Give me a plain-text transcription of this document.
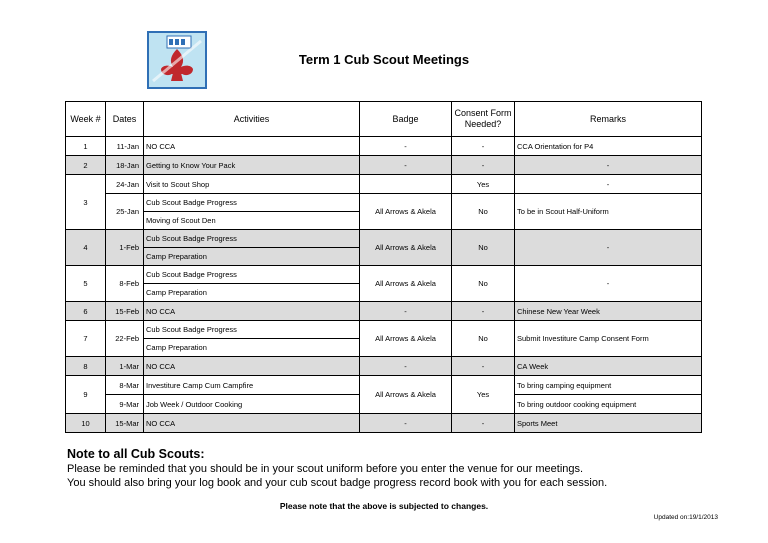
Term 1 Cub Scout Meetings
Week #	Dates	Activities	Badge	Consent Form Needed?	Remarks
1	11-Jan	NO CCA	-	-	CCA Orientation for P4
2	18-Jan	Getting to Know Your Pack	-	-	-
3	24-Jan	Visit to Scout Shop		Yes	-
	25-Jan	Cub Scout Badge Progress	All Arrows & Akela	No	To be in Scout Half-Uniform
		Moving of Scout Den			
4	1-Feb	Cub Scout Badge Progress	All Arrows & Akela	No	-
		Camp Preparation			
5	8-Feb	Cub Scout Badge Progress	All Arrows & Akela	No	-
		Camp Preparation			
6	15-Feb	NO CCA	-	-	Chinese New Year Week
7	22-Feb	Cub Scout Badge Progress	All Arrows & Akela	No	Submit Investiture Camp Consent Form
		Camp Preparation			
8	1-Mar	NO CCA	-	-	CA Week
9	8-Mar	Investiture Camp Cum Campfire	All Arrows & Akela	Yes	To bring camping equipment
	9-Mar	Job Week / Outdoor Cooking			To bring outdoor cooking equipment
10	15-Mar	NO CCA	-	-	Sports Meet
Note to all Cub Scouts:
Please be reminded that you should be in your scout uniform before you enter the venue for our meetings.
You should also bring your log book and your cub scout badge progress record book with you for each session.
Please note that the above is subjected to changes.
Updated on:19/1/2013
